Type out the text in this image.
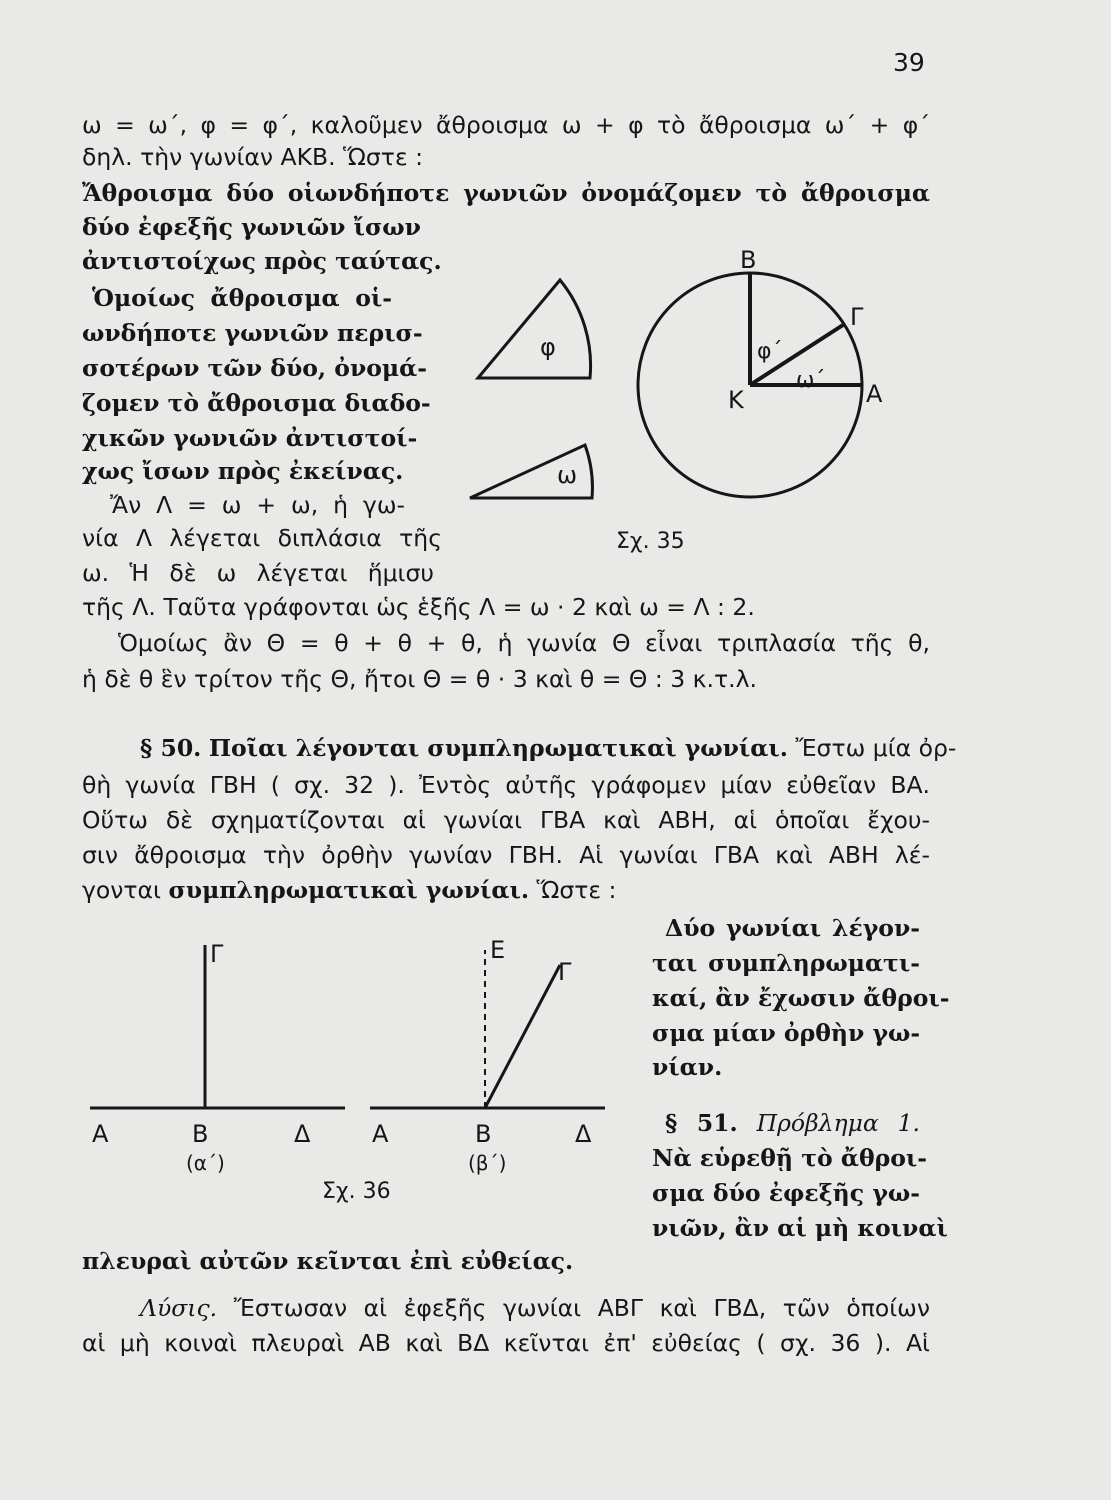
39
ω = ω΄, φ = φ΄, καλοῦμεν ἄθροισμα ω + φ τὸ ἄθροισμα ω΄ + φ΄
δηλ. τὴν γωνίαν ΑΚΒ. Ὥστε :
Ἄθροισμα δύο οἱωνδήποτε γωνιῶν ὀνομάζομεν τὸ ἄθροισμα
δύο ἐφεξῆς γωνιῶν ἴσων
ἀντιστοίχως πρὸς ταύτας.
Ὁμοίως ἄθροισμα οἱ-
ωνδήποτε γωνιῶν περισ-
σοτέρων τῶν δύο, ὀνομά-
ζομεν τὸ ἄθροισμα διαδο-
χικῶν γωνιῶν ἀντιστοί-
χως ἴσων πρὸς ἐκείνας.
Ἄν Λ = ω + ω, ἡ γω-
νία Λ λέγεται διπλάσια τῆς
ω. Ἡ δὲ ω λέγεται ἥμισυ
φ
ω
Β
Γ
φ΄
ω΄
Κ	Α
Σχ. 35
τῆς Λ. Ταῦτα γράφονται ὡς ἑξῆς Λ = ω · 2 καὶ ω = Λ : 2.
Ὁμοίως ἂν Θ = θ + θ + θ, ἡ γωνία Θ εἶναι τριπλασία τῆς θ,
ἡ δὲ θ ἓν τρίτον τῆς Θ, ἤτοι Θ = θ · 3 καὶ θ = Θ : 3 κ.τ.λ.
§ 50. Ποῖαι λέγονται συμπληρωματικαὶ γωνίαι. Ἔστω μία ὀρ-
θὴ γωνία ΓΒΗ ( σχ. 32 ). Ἐντὸς αὐτῆς γράφομεν μίαν εὐθεῖαν ΒΑ.
Οὕτω δὲ σχηματίζονται αἱ γωνίαι ΓΒΑ καὶ ΑΒΗ, αἱ ὁποῖαι ἔχου-
σιν ἄθροισμα τὴν ὀρθὴν γωνίαν ΓΒΗ. Αἱ γωνίαι ΓΒΑ καὶ ΑΒΗ λέ-
γονται συμπληρωματικαὶ γωνίαι. Ὥστε :
Δύο γωνίαι λέγον-
ται συμπληρωματι-
καί, ἂν ἔχωσιν ἄθροι-
σμα μίαν ὀρθὴν γω-
νίαν.
§ 51. Πρόβλημα 1.
Νὰ εὑρεθῇ τὸ ἄθροι-
σμα δύο ἐφεξῆς γω-
νιῶν, ἂν αἱ μὴ κοιναὶ
Γ
Α	Β	Δ
(α΄)
Ε
Γ
Α	Β	Δ
(β΄)
Σχ. 36
πλευραὶ αὐτῶν κεῖνται ἐπὶ εὐθείας.
Λύσις. Ἔστωσαν αἱ ἐφεξῆς γωνίαι ΑΒΓ καὶ ΓΒΔ, τῶν ὁποίων
αἱ μὴ κοιναὶ πλευραὶ ΑΒ καὶ ΒΔ κεῖνται ἐπ' εὐθείας ( σχ. 36 ). Αἱ
